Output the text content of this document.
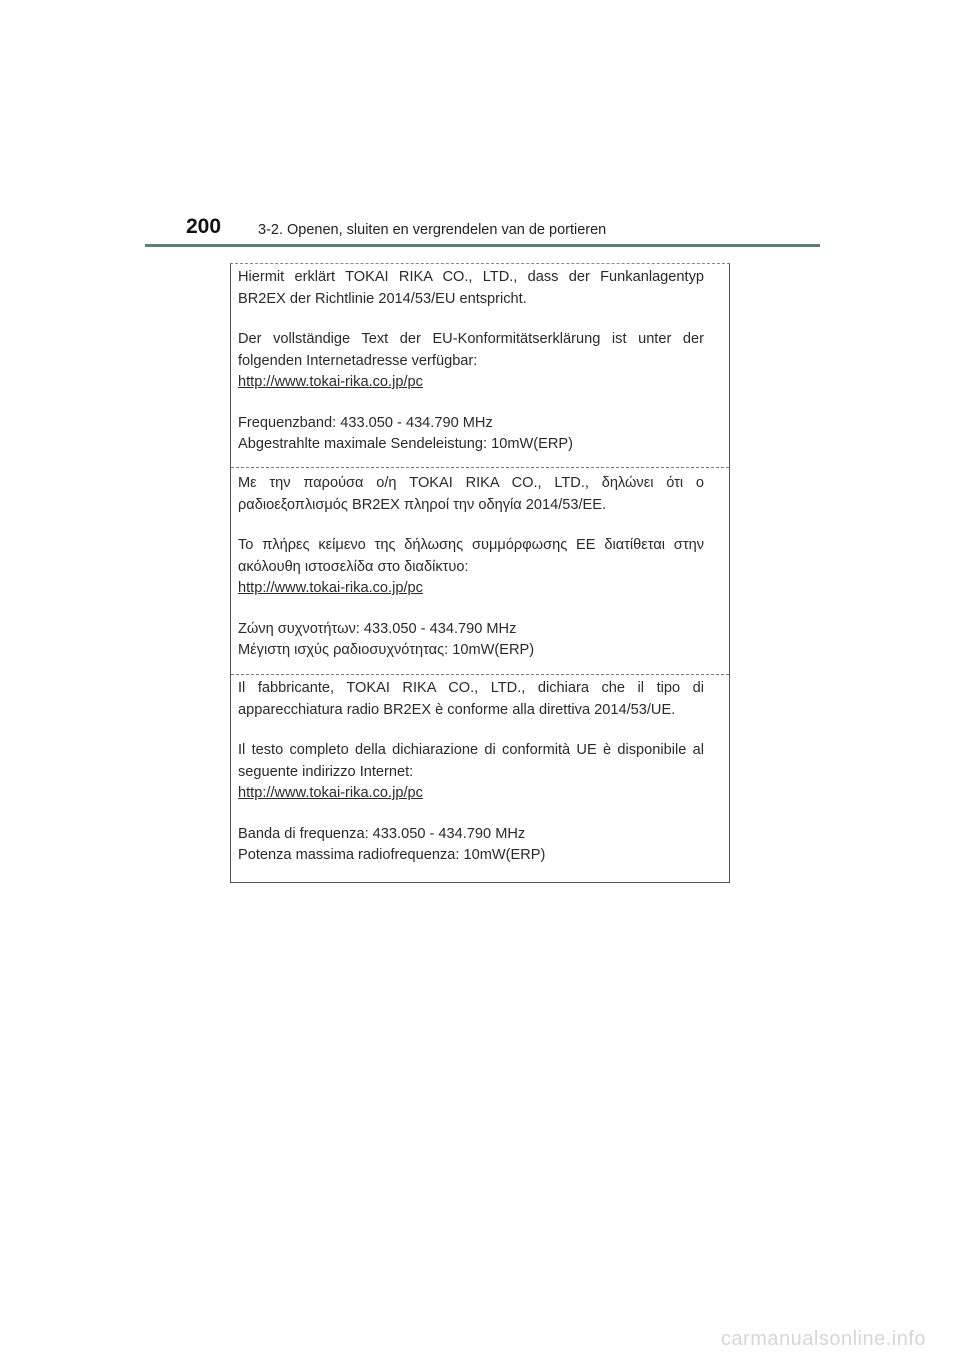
200	3-2. Openen, sluiten en vergrendelen van de portieren

Hiermit erklärt TOKAI RIKA CO., LTD., dass der Funkanlagentyp BR2EX der Richtlinie 2014/53/EU entspricht.

Der vollständige Text der EU-Konformitätserklärung ist unter der folgenden Internetadresse verfügbar:

http://www.tokai-rika.co.jp/pc

Frequenzband: 433.050 - 434.790 MHz

Abgestrahlte maximale Sendeleistung: 10mW(ERP)

Με την παρούσα ο/η TOKAI RIKA CO., LTD., δηλώνει ότι ο ραδιοεξοπλισμός BR2EX πληροί την οδηγία 2014/53/ΕΕ.

Το πλήρες κείμενο της δήλωσης συμμόρφωσης ΕΕ διατίθεται στην ακόλουθη ιστοσελίδα στο διαδίκτυο:

http://www.tokai-rika.co.jp/pc

Ζώνη συχνοτήτων: 433.050 - 434.790 MHz

Μέγιστη ισχύς ραδιοσυχνότητας: 10mW(ERP)

Il fabbricante, TOKAI RIKA CO., LTD., dichiara che il tipo di apparecchiatura radio BR2EX è conforme alla direttiva 2014/53/UE.

Il testo completo della dichiarazione di conformità UE è disponibile al seguente indirizzo Internet:

http://www.tokai-rika.co.jp/pc

Banda di frequenza: 433.050 - 434.790 MHz

Potenza massima radiofrequenza: 10mW(ERP)

carmanualsonline.info
